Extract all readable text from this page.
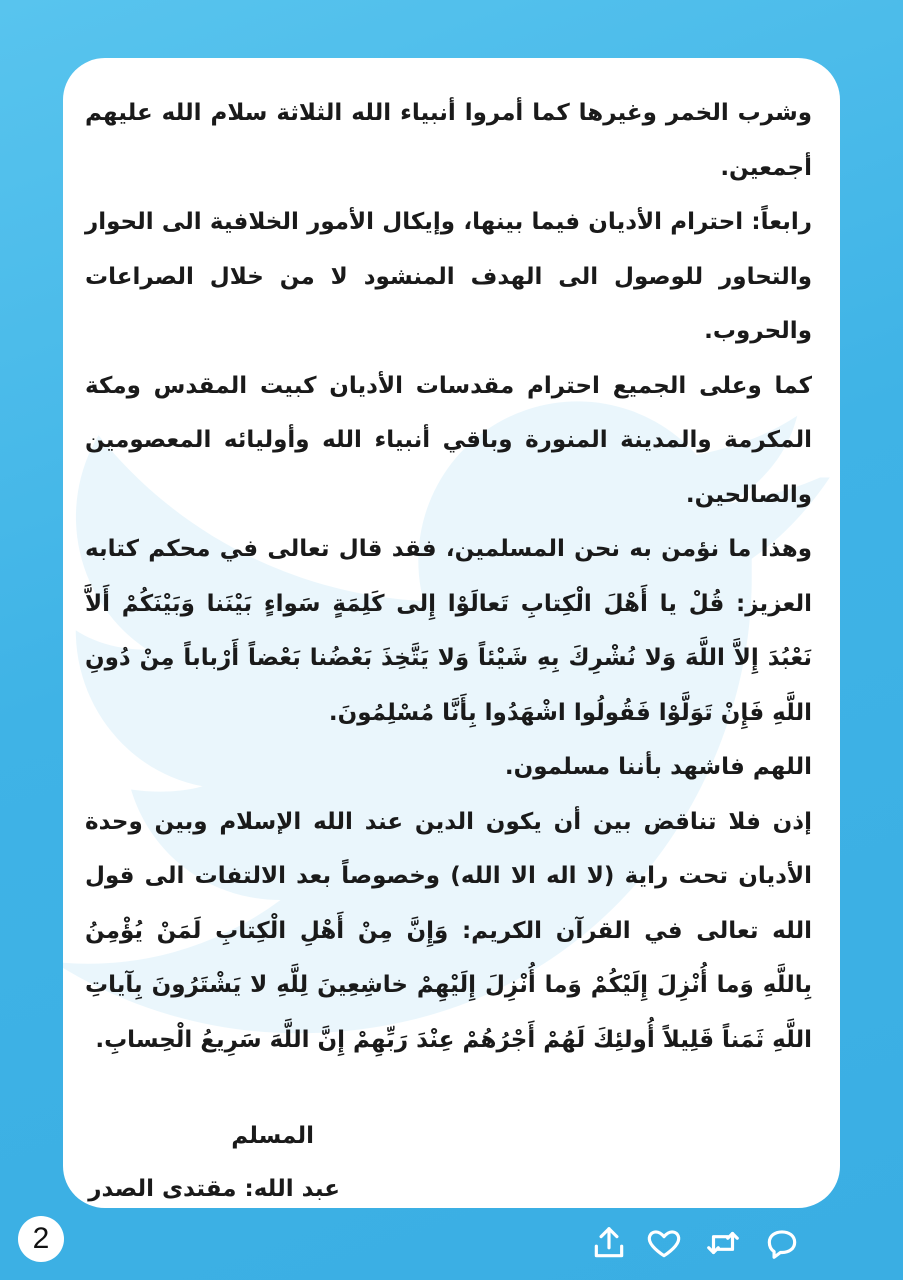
وشرب الخمر وغيرها كما أمروا أنبياء الله الثلاثة سلام الله عليهم أجمعين.

رابعاً: احترام الأديان فيما بينها، وإيكال الأمور الخلافية الى الحوار والتحاور للوصول الى الهدف المنشود لا من خلال الصراعات والحروب.

كما وعلى الجميع احترام مقدسات الأديان كبيت المقدس ومكة المكرمة والمدينة المنورة وباقي أنبياء الله وأوليائه المعصومين والصالحين.

وهذا ما نؤمن به نحن المسلمين، فقد قال تعالى في محكم كتابه العزيز: قُلْ يا أَهْلَ الْكِتابِ تَعالَوْا إِلى كَلِمَةٍ سَواءٍ بَيْنَنا وَبَيْنَكُمْ أَلاَّ نَعْبُدَ إِلاَّ اللَّهَ وَلا نُشْرِكَ بِهِ شَيْئاً وَلا يَتَّخِذَ بَعْضُنا بَعْضاً أَرْباباً مِنْ دُونِ اللَّهِ فَإِنْ تَوَلَّوْا فَقُولُوا اشْهَدُوا بِأَنَّا مُسْلِمُونَ.

اللهم فاشهد بأننا مسلمون.

إذن فلا تناقض بين أن يكون الدين عند الله الإسلام وبين وحدة الأديان تحت راية (لا اله الا الله) وخصوصاً بعد الالتفات الى قول الله تعالى في القرآن الكريم: وَإِنَّ مِنْ أَهْلِ الْكِتابِ لَمَنْ يُؤْمِنُ بِاللَّهِ وَما أُنْزِلَ إِلَيْكُمْ وَما أُنْزِلَ إِلَيْهِمْ خاشِعِينَ لِلَّهِ لا يَشْتَرُونَ بِآياتِ اللَّهِ ثَمَناً قَلِيلاً أُولئِكَ لَهُمْ أَجْرُهُمْ عِنْدَ رَبِّهِمْ إِنَّ اللَّهَ سَرِيعُ الْحِسابِ.

المسلم

عبد الله: مقتدى الصدر

2
